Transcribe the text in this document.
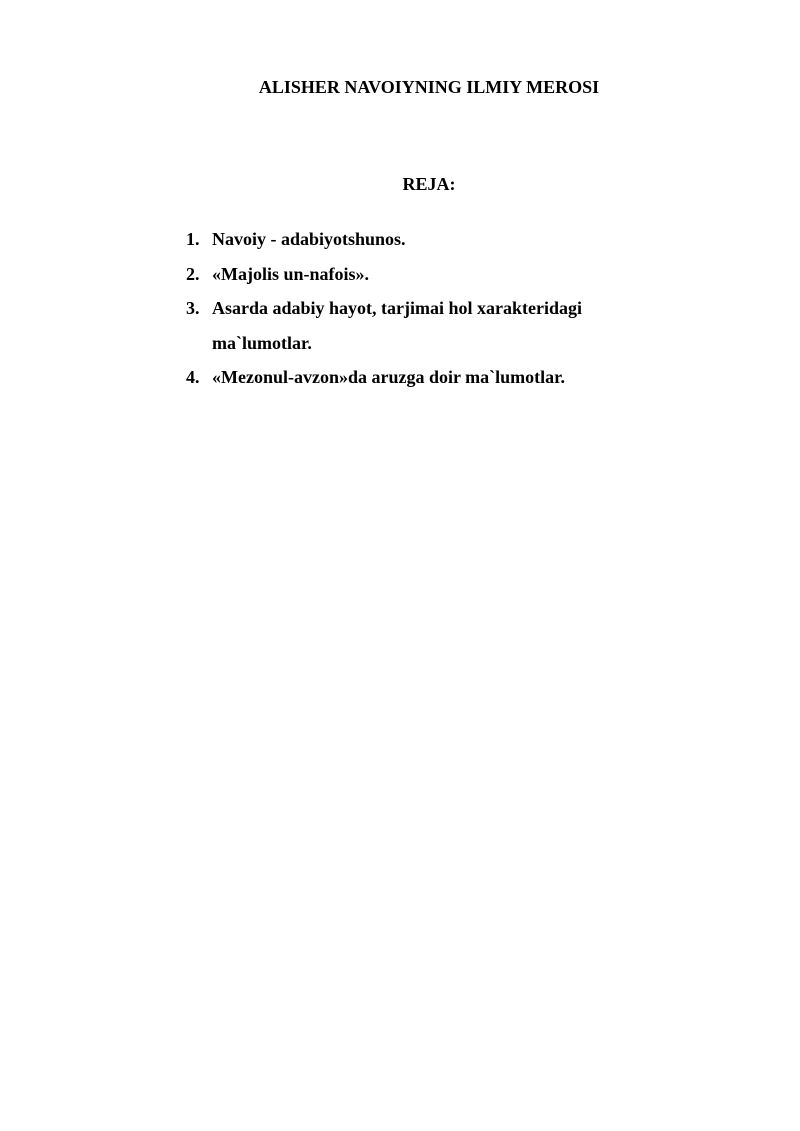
ALISHER NAVOIYNING ILMIY MEROSI
REJA:
1. Navoiy - adabiyotshunos.
2. «Majolis un-nafois».
3. Asarda adabiy hayot, tarjimai hol xarakteridagi ma`lumotlar.
4. «Mezonul-avzon»da aruzga doir ma`lumotlar.
